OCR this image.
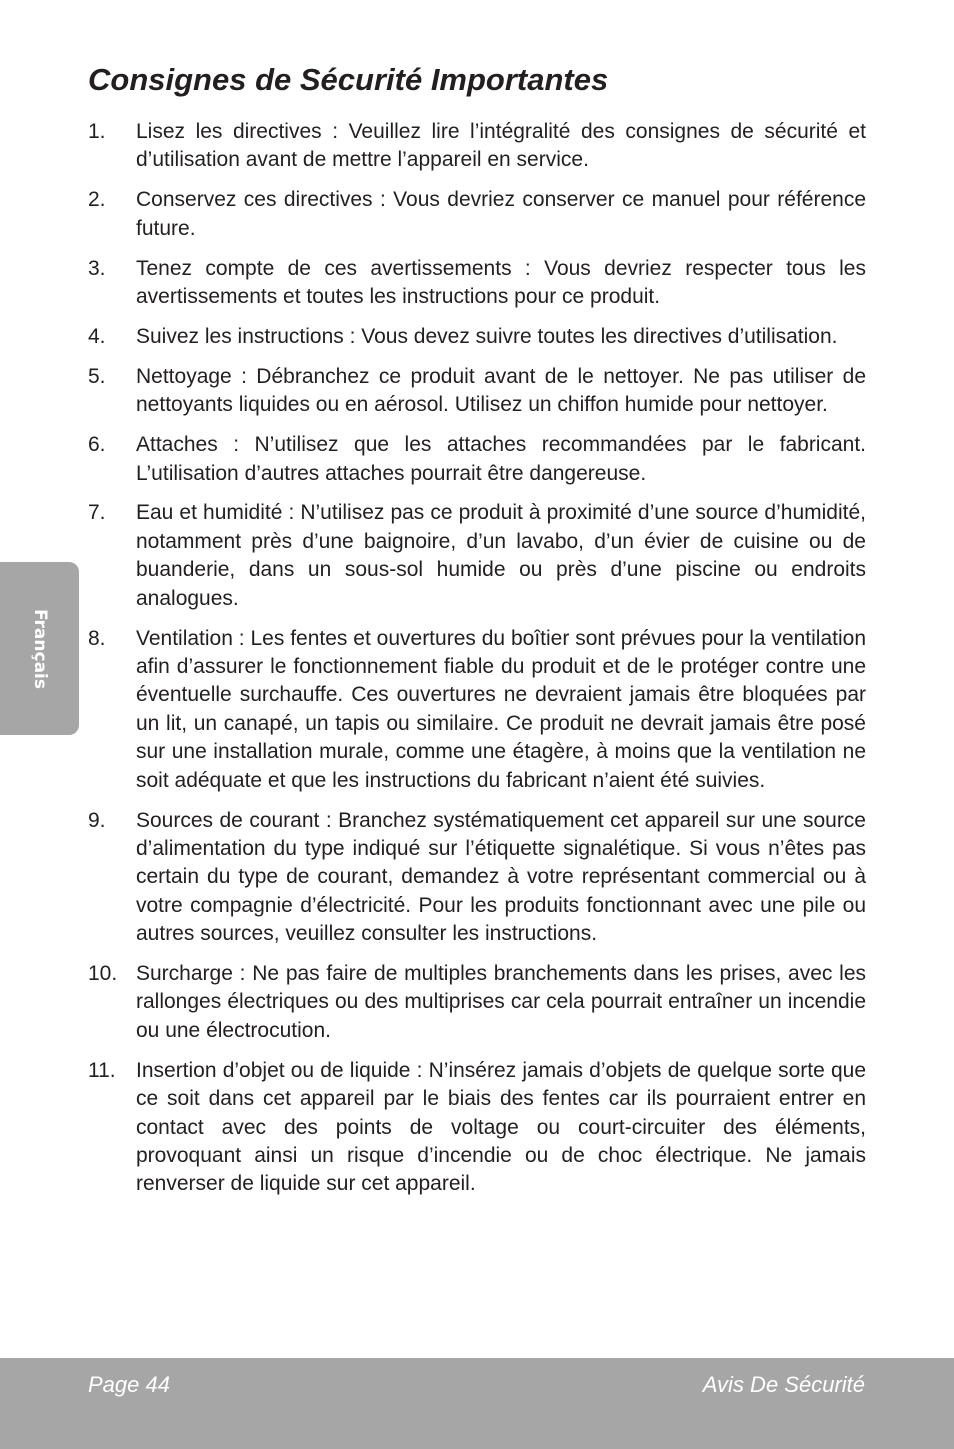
Consignes de Sécurité Importantes
1.	Lisez les directives : Veuillez lire l’intégralité des consignes de sécurité et d’utilisation avant de mettre l’appareil en service.
2.	Conservez ces directives : Vous devriez conserver ce manuel pour référence future.
3.	Tenez compte de ces avertissements : Vous devriez respecter tous les avertissements et toutes les instructions pour ce produit.
4.	Suivez les instructions : Vous devez suivre toutes les directives d’utilisation.
5.	Nettoyage : Débranchez ce produit avant de le nettoyer. Ne pas utiliser de nettoyants liquides ou en aérosol. Utilisez un chiffon humide pour nettoyer.
6.	Attaches : N’utilisez que les attaches recommandées par le fabricant. L’utilisation d’autres attaches pourrait être dangereuse.
7.	Eau et humidité : N’utilisez pas ce produit à proximité d’une source d’humidité, notamment près d’une baignoire, d’un lavabo, d’un évier de cuisine ou de buanderie, dans un sous-sol humide ou près d’une piscine ou endroits analogues.
8.	Ventilation : Les fentes et ouvertures du boîtier sont prévues pour la ventilation afin d’assurer le fonctionnement fiable du produit et de le protéger contre une éventuelle surchauffe. Ces ouvertures ne devraient jamais être bloquées par un lit, un canapé, un tapis ou similaire. Ce produit ne devrait jamais être posé sur une installation murale, comme une étagère, à moins que la ventilation ne soit adéquate et que les instructions du fabricant n’aient été suivies.
9.	Sources de courant : Branchez systématiquement cet appareil sur une source d’alimentation du type indiqué sur l’étiquette signalétique. Si vous n’êtes pas certain du type de courant, demandez à votre représentant commercial ou à votre compagnie d’électricité. Pour les produits fonctionnant avec une pile ou autres sources, veuillez consulter les instructions.
10. Surcharge : Ne pas faire de multiples branchements dans les prises, avec les rallonges électriques ou des multiprises car cela pourrait entraîner un incendie ou une électrocution.
11. Insertion d’objet ou de liquide : N’insérez jamais d’objets de quelque sorte que ce soit dans cet appareil par le biais des fentes car ils pourraient entrer en contact avec des points de voltage ou court-circuiter des éléments, provoquant ainsi un risque d’incendie ou de choc électrique. Ne jamais renverser de liquide sur cet appareil.
Français
Page 44	Avis De Sécurité
